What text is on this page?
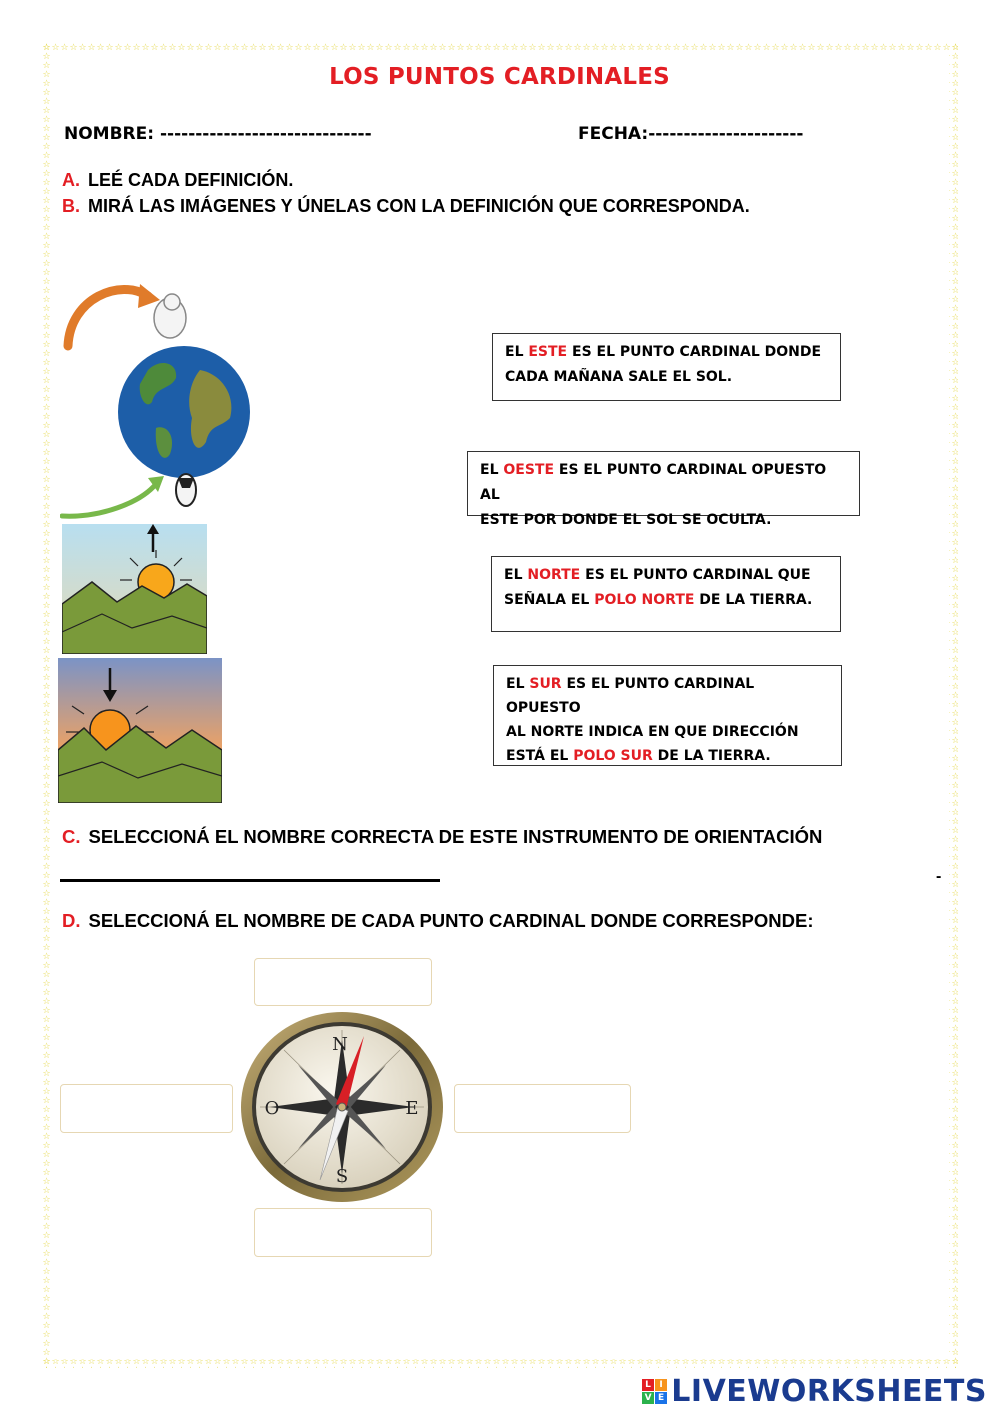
LOS PUNTOS CARDINALES
NOMBRE: ------------------------------	FECHA:----------------------
A. LEÉ CADA DEFINICIÓN.
B. MIRÁ LAS IMÁGENES Y ÚNELAS CON LA DEFINICIÓN QUE CORRESPONDA.
EL ESTE ES EL PUNTO CARDINAL DONDE
CADA MAÑANA SALE EL SOL.
EL OESTE ES EL PUNTO CARDINAL OPUESTO AL
ESTE POR DONDE EL SOL SE OCULTA.
EL NORTE ES EL PUNTO CARDINAL QUE
SEÑALA EL POLO NORTE DE LA TIERRA.
EL SUR ES EL PUNTO CARDINAL OPUESTO
AL NORTE INDICA EN QUE DIRECCIÓN
ESTÁ EL POLO SUR DE LA TIERRA.
C. SELECCIONÁ EL NOMBRE CORRECTA DE ESTE INSTRUMENTO DE ORIENTACIÓN
-
D. SELECCIONÁ EL NOMBRE DE CADA PUNTO CARDINAL DONDE CORRESPONDE:
N
S
O	E
L I
V E LIVEWORKSHEETS
